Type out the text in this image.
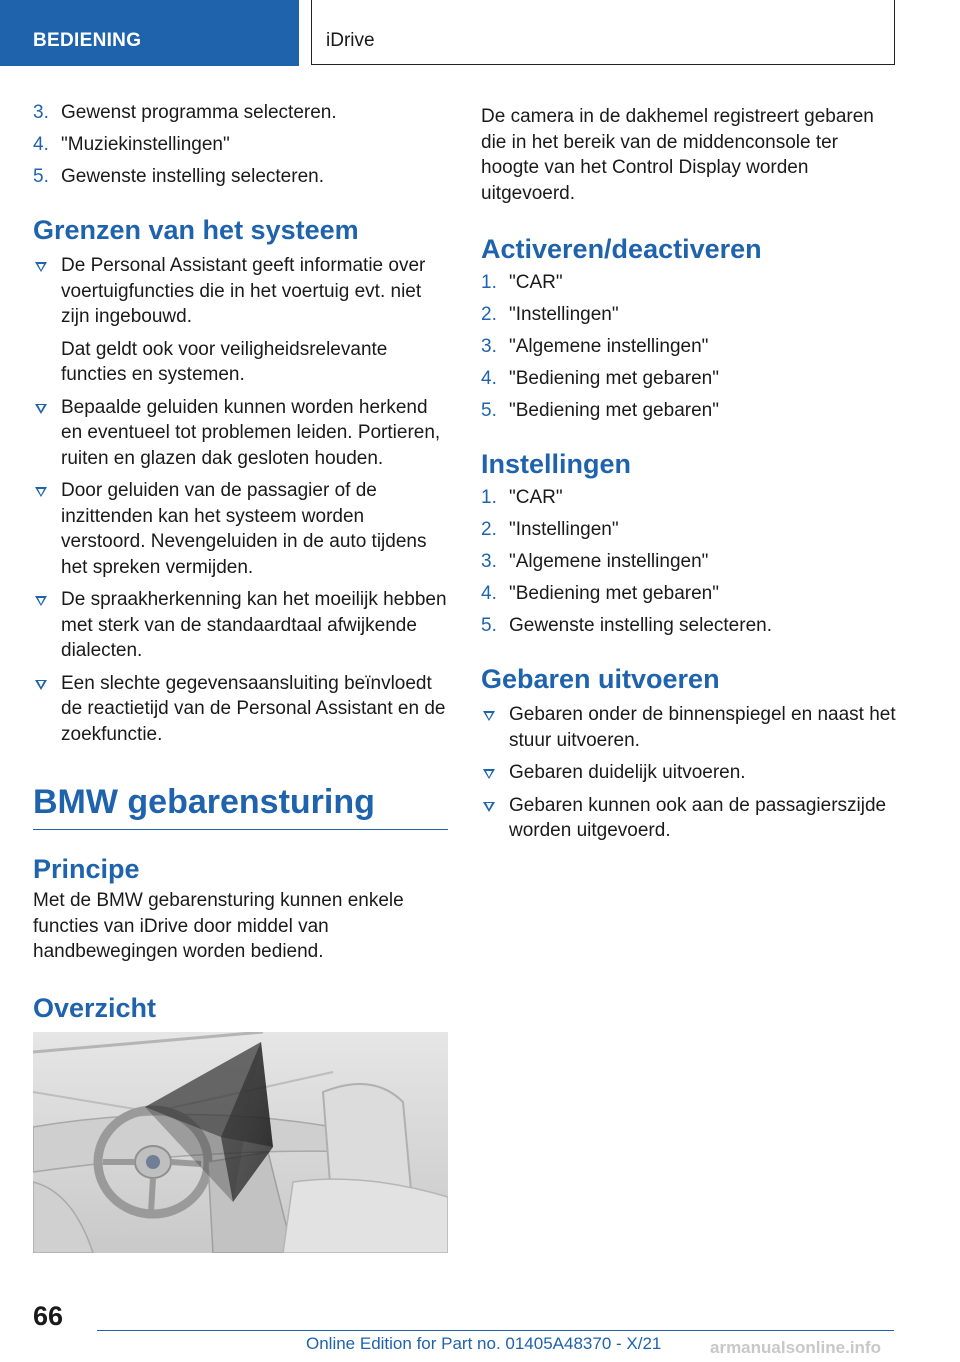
BEDIENING	iDrive
3. Gewenst programma selecteren.
4. "Muziekinstellingen"
5. Gewenste instelling selecteren.
Grenzen van het systeem

De Personal Assistant geeft informatie over voertuigfuncties die in het voertuig evt. niet zijn ingebouwd.

Dat geldt ook voor veiligheidsrelevante functies en systemen.

Bepaalde geluiden kunnen worden herkend en eventueel tot problemen leiden. Portieren, ruiten en glazen dak gesloten houden.

Door geluiden van de passagier of de inzittenden kan het systeem worden verstoord. Nevengeluiden in de auto tijdens het spreken vermijden.

De spraakherkenning kan het moeilijk hebben met sterk van de standaardtaal afwijkende dialecten.

Een slechte gegevensaansluiting beïnvloedt de reactietijd van de Personal Assistant en de zoekfunctie.

BMW gebarensturing
Principe

Met de BMW gebarensturing kunnen enkele functies van iDrive door middel van handbewegingen worden bediend.

Overzicht

De camera in de dakhemel registreert gebaren die in het bereik van de middenconsole ter hoogte van het Control Display worden uitgevoerd.

Activeren/deactiveren
1. "CAR"
2. "Instellingen"
3. "Algemene instellingen"
4. "Bediening met gebaren"
5. "Bediening met gebaren"
Instellingen
1. "CAR"
2. "Instellingen"
3. "Algemene instellingen"
4. "Bediening met gebaren"
5. Gewenste instelling selecteren.
Gebaren uitvoeren

Gebaren onder de binnenspiegel en naast het stuur uitvoeren.

Gebaren duidelijk uitvoeren.

Gebaren kunnen ook aan de passagierszijde worden uitgevoerd.

66
Online Edition for Part no. 01405A48370 - X/21	armanualsonline.info
